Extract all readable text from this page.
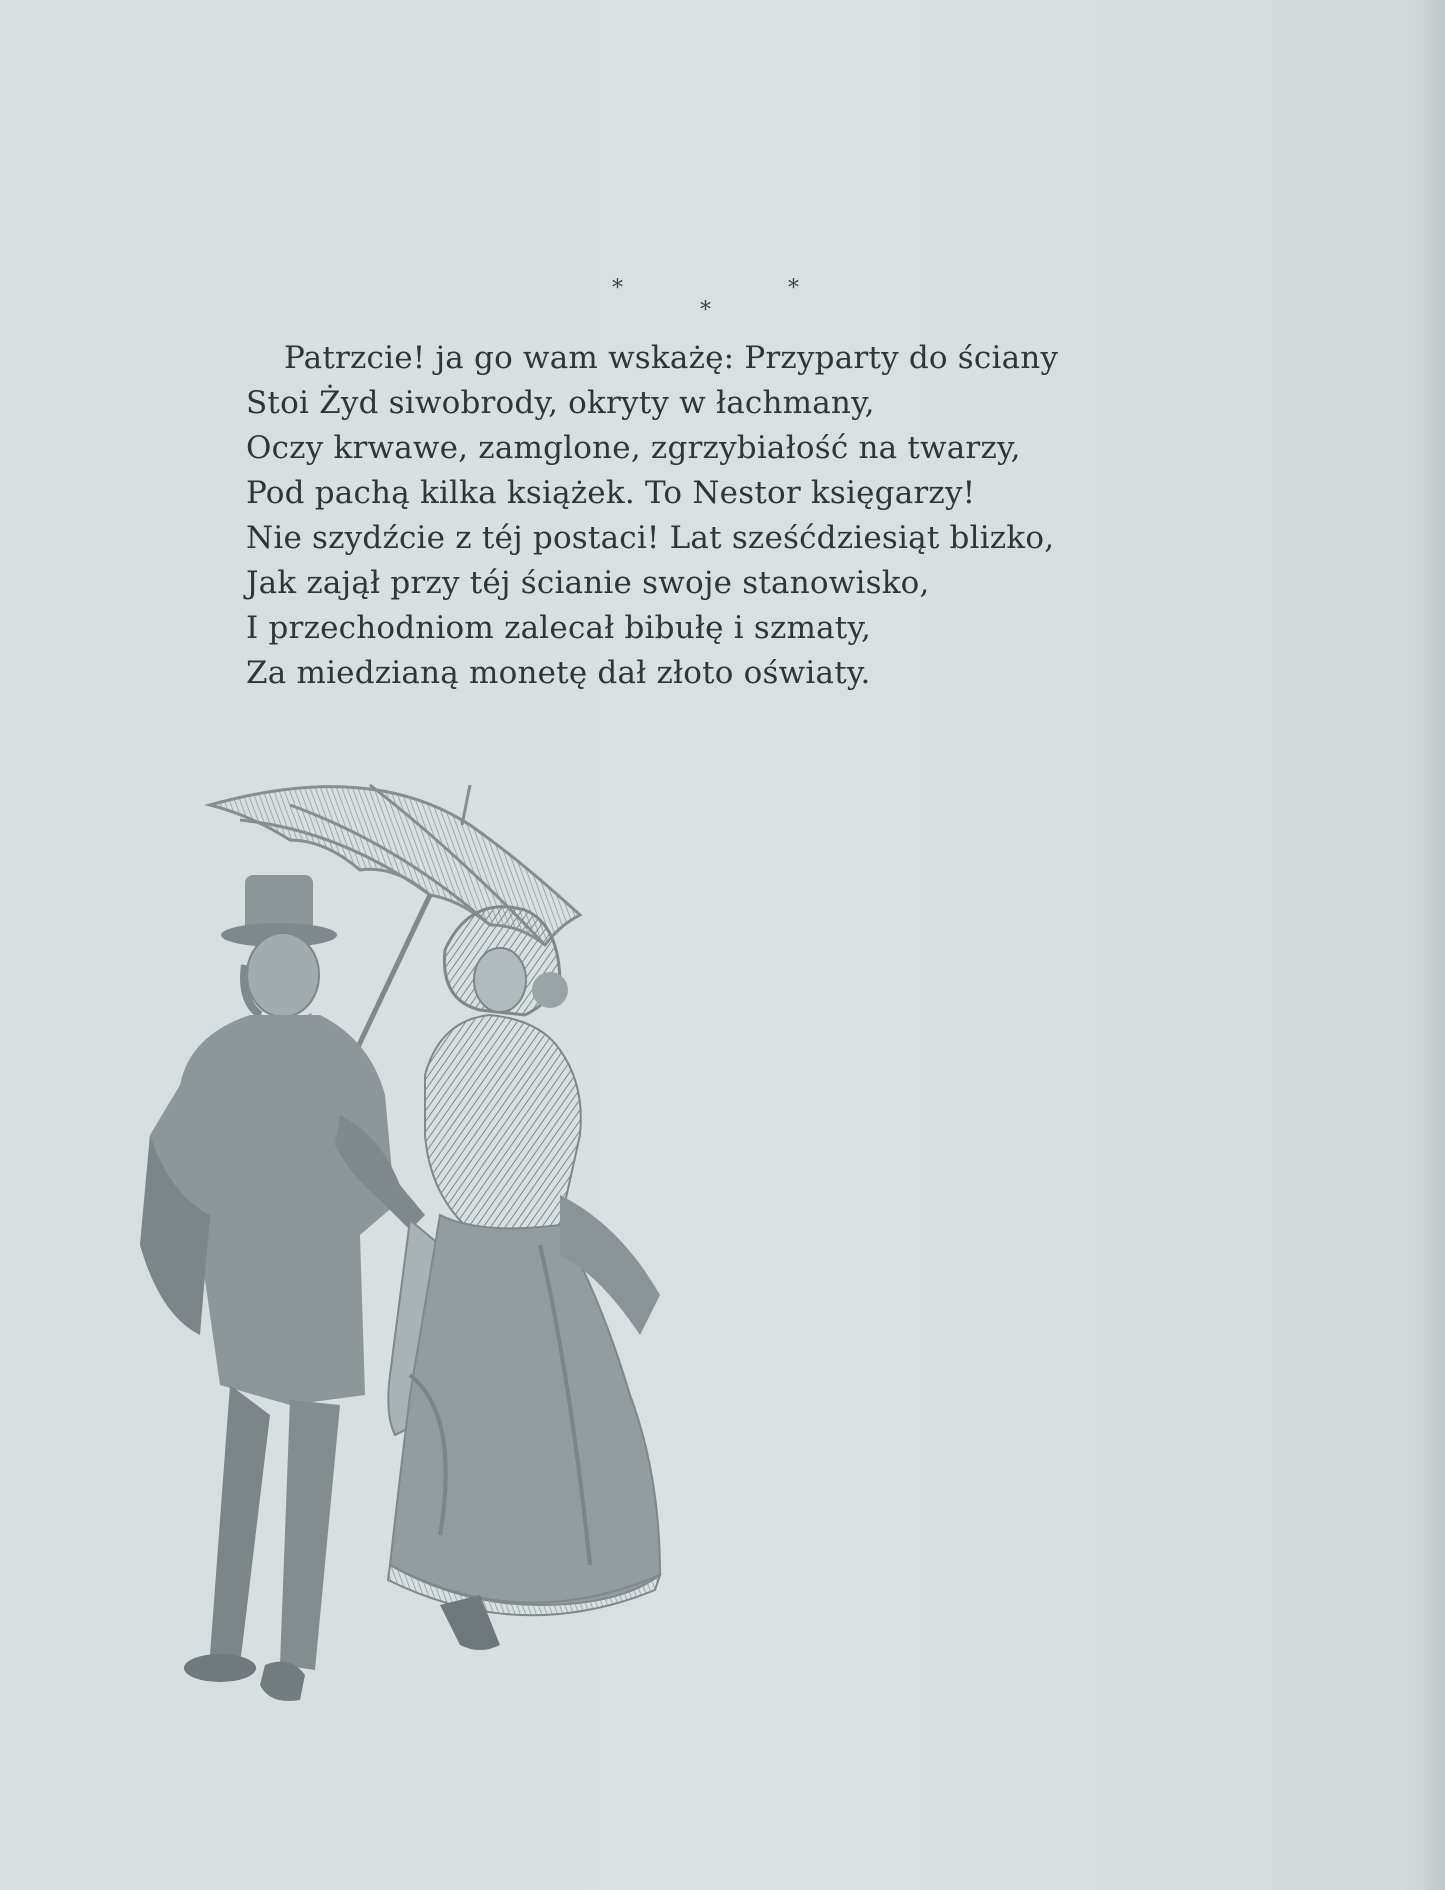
*
*
*
Patrzcie! ja go wam wskażę: Przyparty do ściany
Stoi Żyd siwobrody, okryty w łachmany,
Oczy krwawe, zamglone, zgrzybiałość na twarzy,
Pod pachą kilka książek. To Nestor księgarzy!
Nie szydźcie z téj postaci! Lat sześćdziesiąt blizko,
Jak zajął przy téj ścianie swoje stanowisko,
I przechodniom zalecał bibułę i szmaty,
Za miedzianą monetę dał złoto oświaty.
